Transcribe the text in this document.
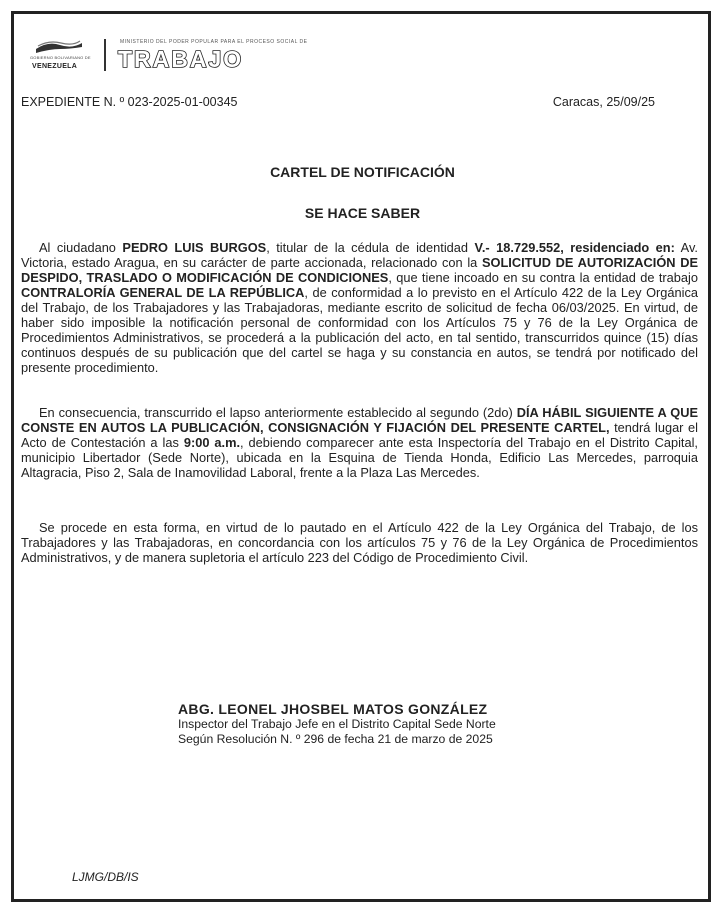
GOBIERNO BOLIVARIANO DE
VENEZUELA
MINISTERIO DEL PODER POPULAR PARA EL PROCESO SOCIAL DE
TRABAJO
EXPEDIENTE N. º 023-2025-01-00345	Caracas, 25/09/25
CARTEL DE NOTIFICACIÓN
SE HACE SABER

Al ciudadano PEDRO LUIS BURGOS, titular de la cédula de identidad V.- 18.729.552, residenciado en: Av. Victoria, estado Aragua, en su carácter de parte accionada, relacionado con la SOLICITUD DE AUTORIZACIÓN DE DESPIDO, TRASLADO O MODIFICACIÓN DE CONDICIONES, que tiene incoado en su contra la entidad de trabajo CONTRALORÍA GENERAL DE LA REPÚBLICA, de conformidad a lo previsto en el Artículo 422 de la Ley Orgánica del Trabajo, de los Trabajadores y las Trabajadoras, mediante escrito de solicitud de fecha 06/03/2025. En virtud, de haber sido imposible la notificación personal de conformidad con los Artículos 75 y 76 de la Ley Orgánica de Procedimientos Administrativos, se procederá a la publicación del acto, en tal sentido, transcurridos quince (15) días continuos después de su publicación que del cartel se haga y su constancia en autos, se tendrá por notificado del presente procedimiento.

En consecuencia, transcurrido el lapso anteriormente establecido al segundo (2do) DÍA HÁBIL SIGUIENTE A QUE CONSTE EN AUTOS LA PUBLICACIÓN, CONSIGNACIÓN Y FIJACIÓN DEL PRESENTE CARTEL, tendrá lugar el Acto de Contestación a las 9:00 a.m., debiendo comparecer ante esta Inspectoría del Trabajo en el Distrito Capital, municipio Libertador (Sede Norte), ubicada en la Esquina de Tienda Honda, Edificio Las Mercedes, parroquia Altagracia, Piso 2, Sala de Inamovilidad Laboral, frente a la Plaza Las Mercedes.

Se procede en esta forma, en virtud de lo pautado en el Artículo 422 de la Ley Orgánica del Trabajo, de los Trabajadores y las Trabajadoras, en concordancia con los artículos 75 y 76 de la Ley Orgánica de Procedimientos Administrativos, y de manera supletoria el artículo 223 del Código de Procedimiento Civil.

ABG. LEONEL JHOSBEL MATOS GONZÁLEZ
Inspector del Trabajo Jefe en el Distrito Capital Sede Norte
Según Resolución N. º 296 de fecha 21 de marzo de 2025
LJMG/DB/IS
